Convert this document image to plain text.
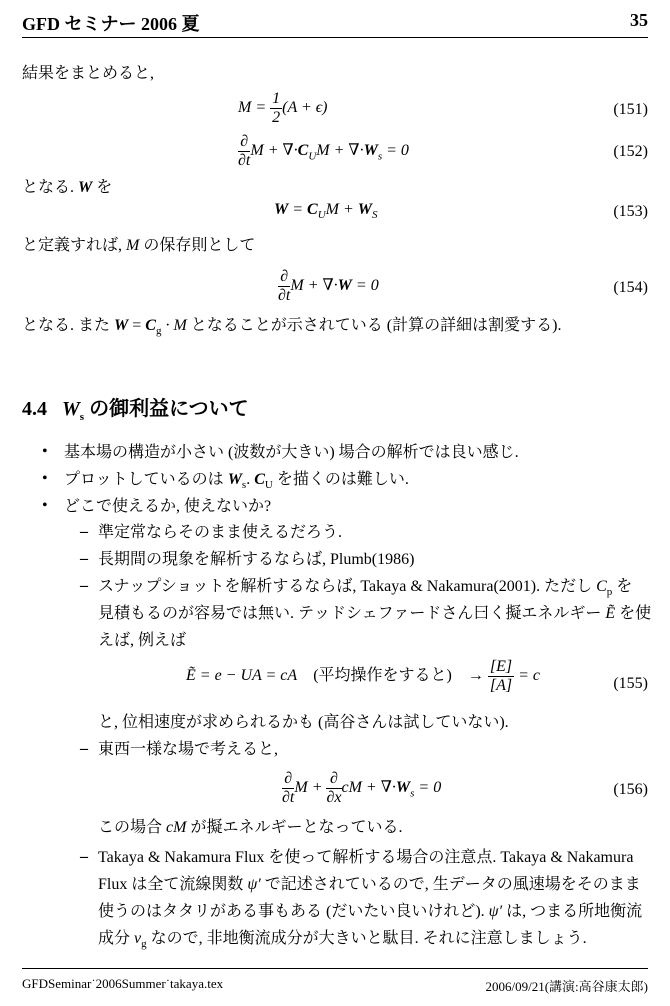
GFD セミナー 2006 夏	35
結果をまとめると,
$M = \frac{1}{2} (A + \epsilon)$	(151)
$\frac{\partial}{\partial t}$ $M + \nabla\cdot C_UM + \nabla\cdot W_s = 0$	(152)
となる. W を
$W = C_UM + W_S$	(153)
と定義すれば, M の保存則として
$\frac{\partial}{\partial t}$ M + ∇·W = 0	(154)
となる. また $W = C_g \cdot M$ となることが示されている (計算の詳細は割愛する).
4.4 $W_s$ の御利益について
• 基本場の構造が小さい (波数が大きい) 場合の解析では良い感じ.
• プロットしているのは $W_s$. $C_U$ を描くのは難しい.
• どこで使えるか, 使えないか?
– 準定常ならそのまま使えるだろう.
– 長期間の現象を解析するならば, Plumb(1986)
– スナップショットを解析するならば, Takaya & Nakamura(2001). ただし $C_p$ を
見積もるのが容易では無い. テッドシェファードさん曰く擬エネルギー Ẽ を使
えば, 例えば
Ẽ = e − UA = cA (平均操作をすると) → $\frac{[E]}{[A]} = c$	(155)
と, 位相速度が求められるかも (高谷さんは試していない).
– 東西一様な場で考えると,
$\frac{\partial}{\partial t}$ $M + \frac{\partial}{\partial x}$ cM + $\nabla\cdot W_s = 0$	(156)
この場合 cM が擬エネルギーとなっている.
– Takaya & Nakamura Flux を使って解析する場合の注意点. Takaya & Nakamura
Flux は全て流線関数 ψ′ で記述されているので, 生データの風速場をそのまま
使うのはタタリがある事もある (だいたい良いけれど). ψ′ は, つまる所地衡流
成分 $v_g$ なので, 非地衡流成分が大きいと駄目. それに注意しましょう.
GFDSeminar˙2006Summer˙takaya.tex	2006/09/21(講演:高谷康太郎)
